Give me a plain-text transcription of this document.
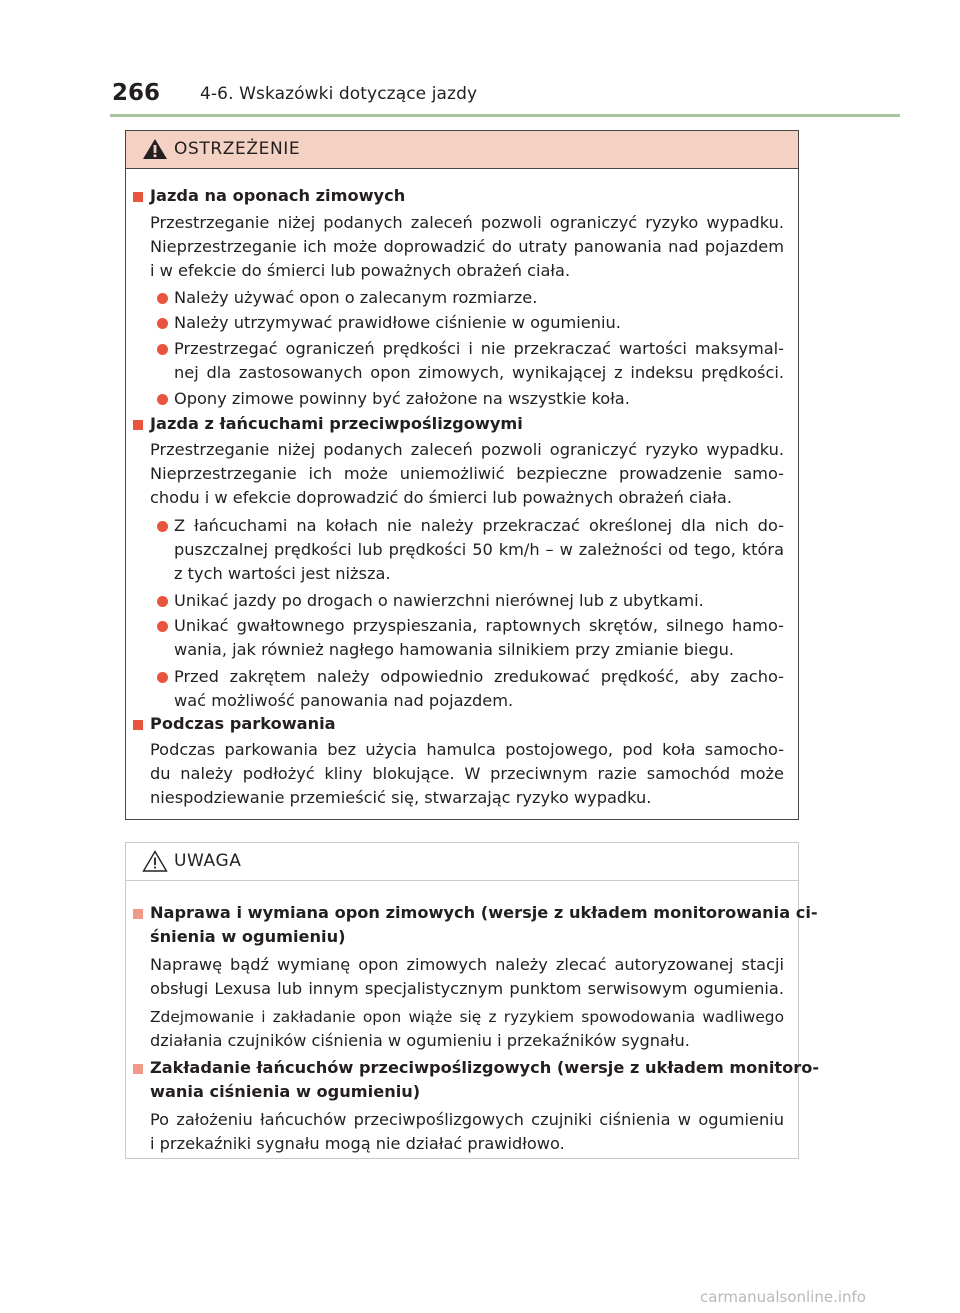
266 4-6. Wskazówki dotyczące jazdy
OSTRZEŻENIE
Jazda na oponach zimowych
Przestrzeganie niżej podanych zaleceń pozwoli ograniczyć ryzyko wypadku.
Nieprzestrzeganie ich może doprowadzić do utraty panowania nad pojazdem
i w efekcie do śmierci lub poważnych obrażeń ciała.
Należy używać opon o zalecanym rozmiarze.
Należy utrzymywać prawidłowe ciśnienie w ogumieniu.
Przestrzegać ograniczeń prędkości i nie przekraczać wartości maksymal-
nej dla zastosowanych opon zimowych, wynikającej z indeksu prędkości.
Opony zimowe powinny być założone na wszystkie koła.
Jazda z łańcuchami przeciwpoślizgowymi
Przestrzeganie niżej podanych zaleceń pozwoli ograniczyć ryzyko wypadku.
Nieprzestrzeganie ich może uniemożliwić bezpieczne prowadzenie samo-
chodu i w efekcie doprowadzić do śmierci lub poważnych obrażeń ciała.
Z łańcuchami na kołach nie należy przekraczać określonej dla nich do-
puszczalnej prędkości lub prędkości 50 km/h – w zależności od tego, która
z tych wartości jest niższa.
Unikać jazdy po drogach o nawierzchni nierównej lub z ubytkami.
Unikać gwałtownego przyspieszania, raptownych skrętów, silnego hamo-
wania, jak również nagłego hamowania silnikiem przy zmianie biegu.
Przed zakrętem należy odpowiednio zredukować prędkość, aby zacho-
wać możliwość panowania nad pojazdem.
Podczas parkowania
Podczas parkowania bez użycia hamulca postojowego, pod koła samocho-
du należy podłożyć kliny blokujące. W przeciwnym razie samochód może
niespodziewanie przemieścić się, stwarzając ryzyko wypadku.
UWAGA
Naprawa i wymiana opon zimowych (wersje z układem monitorowania ci-
śnienia w ogumieniu)
Naprawę bądź wymianę opon zimowych należy zlecać autoryzowanej stacji
obsługi Lexusa lub innym specjalistycznym punktom serwisowym ogumienia.
Zdejmowanie i zakładanie opon wiąże się z ryzykiem spowodowania wadliwego
działania czujników ciśnienia w ogumieniu i przekaźników sygnału.
Zakładanie łańcuchów przeciwpoślizgowych (wersje z układem monitoro-
wania ciśnienia w ogumieniu)
Po założeniu łańcuchów przeciwpoślizgowych czujniki ciśnienia w ogumieniu
i przekaźniki sygnału mogą nie działać prawidłowo.
carmanualsonline.info
